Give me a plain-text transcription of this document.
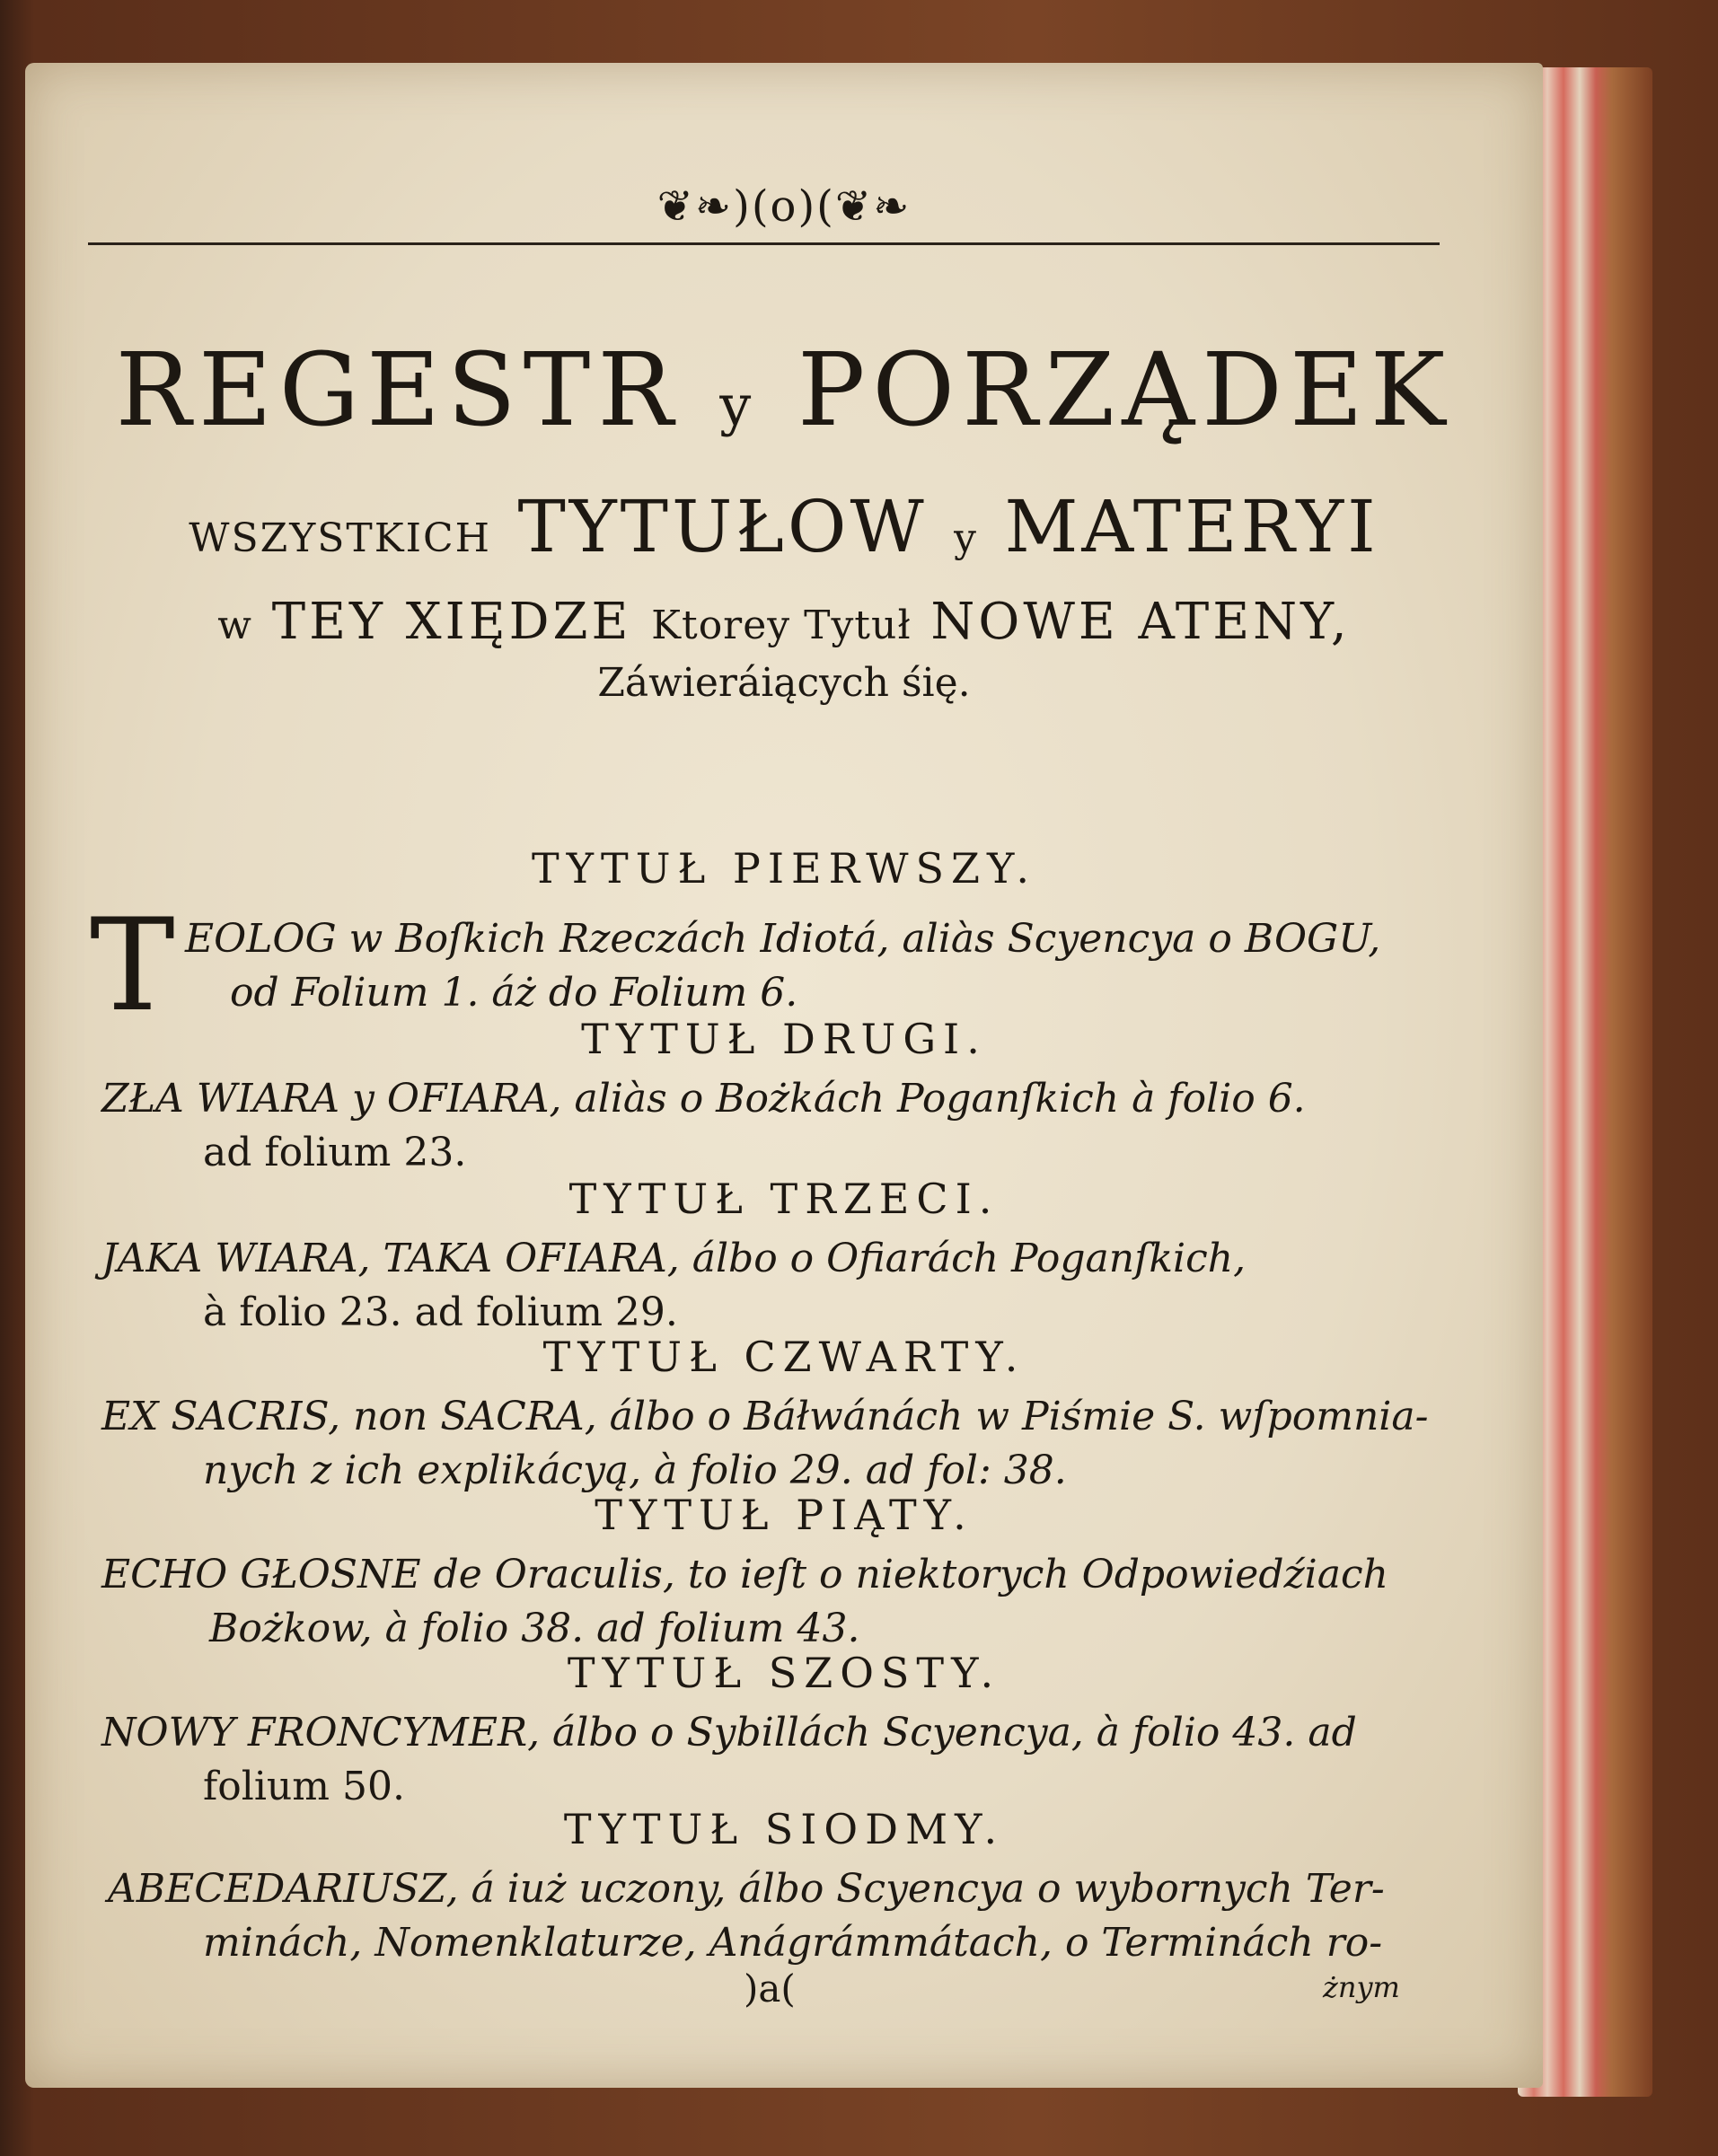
❦❧)(o)(❦❧
REGESTR y PORZĄDEK
WSZYSTKICH TYTUŁOW y MATERYI
w TEY XIĘDZE Ktorey Tytuł NOWE ATENY,
Záwieráiących śię.
T
TYTUŁ PIERWSZY.
EOLOG w Boſkich Rzeczách Idiotá, aliàs Scyencya o BOGU,
od Folium 1. áż do Folium 6.
TYTUŁ DRUGI.
ZŁA WIARA y OFIARA, aliàs o Bożkách Poganſkich à folio 6.
ad folium 23.
TYTUŁ TRZECI.
JAKA WIARA, TAKA OFIARA, álbo o Ofiarách Poganſkich,
à folio 23. ad folium 29.
TYTUŁ CZWARTY.
EX SACRIS, non SACRA, álbo o Báłwánách w Piśmie S. wſpomnia-
nych z ich explikácyą, à folio 29. ad fol: 38.
TYTUŁ PIĄTY.
ECHO GŁOSNE de Oraculis, to ieſt o niektorych Odpowiedźiach
Bożkow, à folio 38. ad folium 43.
TYTUŁ SZOSTY.
NOWY FRONCYMER, álbo o Sybillách Scyencya, à folio 43. ad
folium 50.
TYTUŁ SIODMY.
ABECEDARIUSZ, á iuż uczony, álbo Scyencya o wybornych Ter-
minách, Nomenklaturze, Anágrámmátach, o Terminách ro-
)a(	żnym
